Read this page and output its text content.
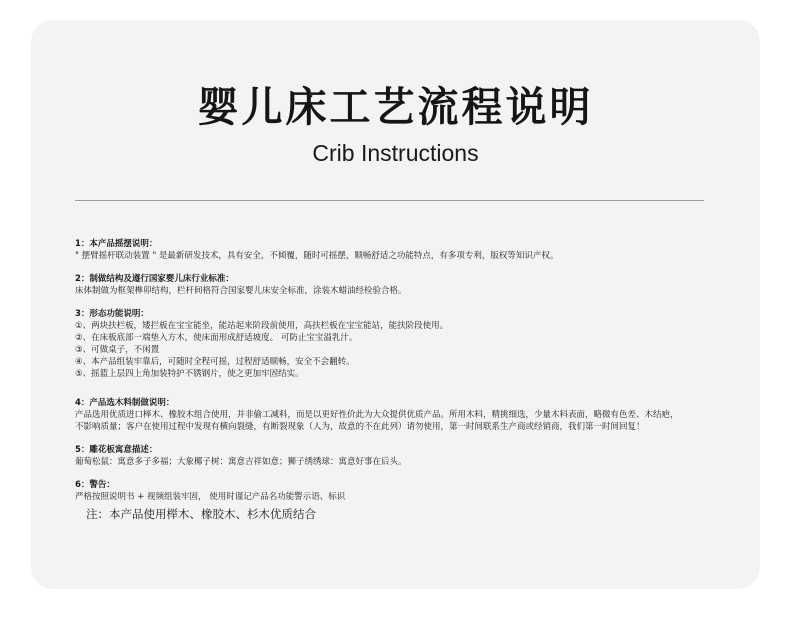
婴儿床工艺流程说明
Crib Instructions
1：本产品摇摆说明：
" 摆臂摇杆联动装置 " 是最新研发技术，具有安全，不倾覆，随时可摇摆，顺畅舒适之功能特点，有多项专利，版权等知识产权。
2：制做结构及遵行国家婴儿床行业标准：
床体制做为框架榫卯结构，栏杆间格符合国家婴儿床安全标准，涂装木蜡油经检验合格。
3：形态功能说明：
①、两块扶栏板，矮拦板在宝宝能坐，能站起来阶段前使用，高扶栏板在宝宝能站，能扶阶段使用。
②、在床板底部一端垫入方木，使床面形成舒适坡度。 可防止宝宝溢乳汁。
③、可做桌子，不闲置
④、本产品组装牢靠后，可随时全程可摇，过程舒适顺畅，安全不会翻转。
⑤、摇篮上层四上角加装特护不锈钢片，使之更加牢固结实。
4：产品选木料制做说明：
产品选用优质进口榉木、橡胶木组合使用，并非偷工减料，而是以更好性价此为大众提供优质产品。所用木料，精挑细选，少量木料表面，略微有色差、木结疤，
不影响质量；客户在使用过程中发现有横向裂缝，有断裂现象（人为，故意的不在此列）请勿使用，第一时间联系生产商或经销商，我们第一时间回复！
5：雕花板寓意描述：
葡萄松鼠：寓意多子多福；大象椰子树：寓意吉祥如意；狮子绣绣球：寓意好事在后头。
6：警告：
严格按照说明书 + 视频组装牢固， 使用时谨记产品名功能警示语、标识
注：本产品使用榉木、橡胶木、杉木优质结合
